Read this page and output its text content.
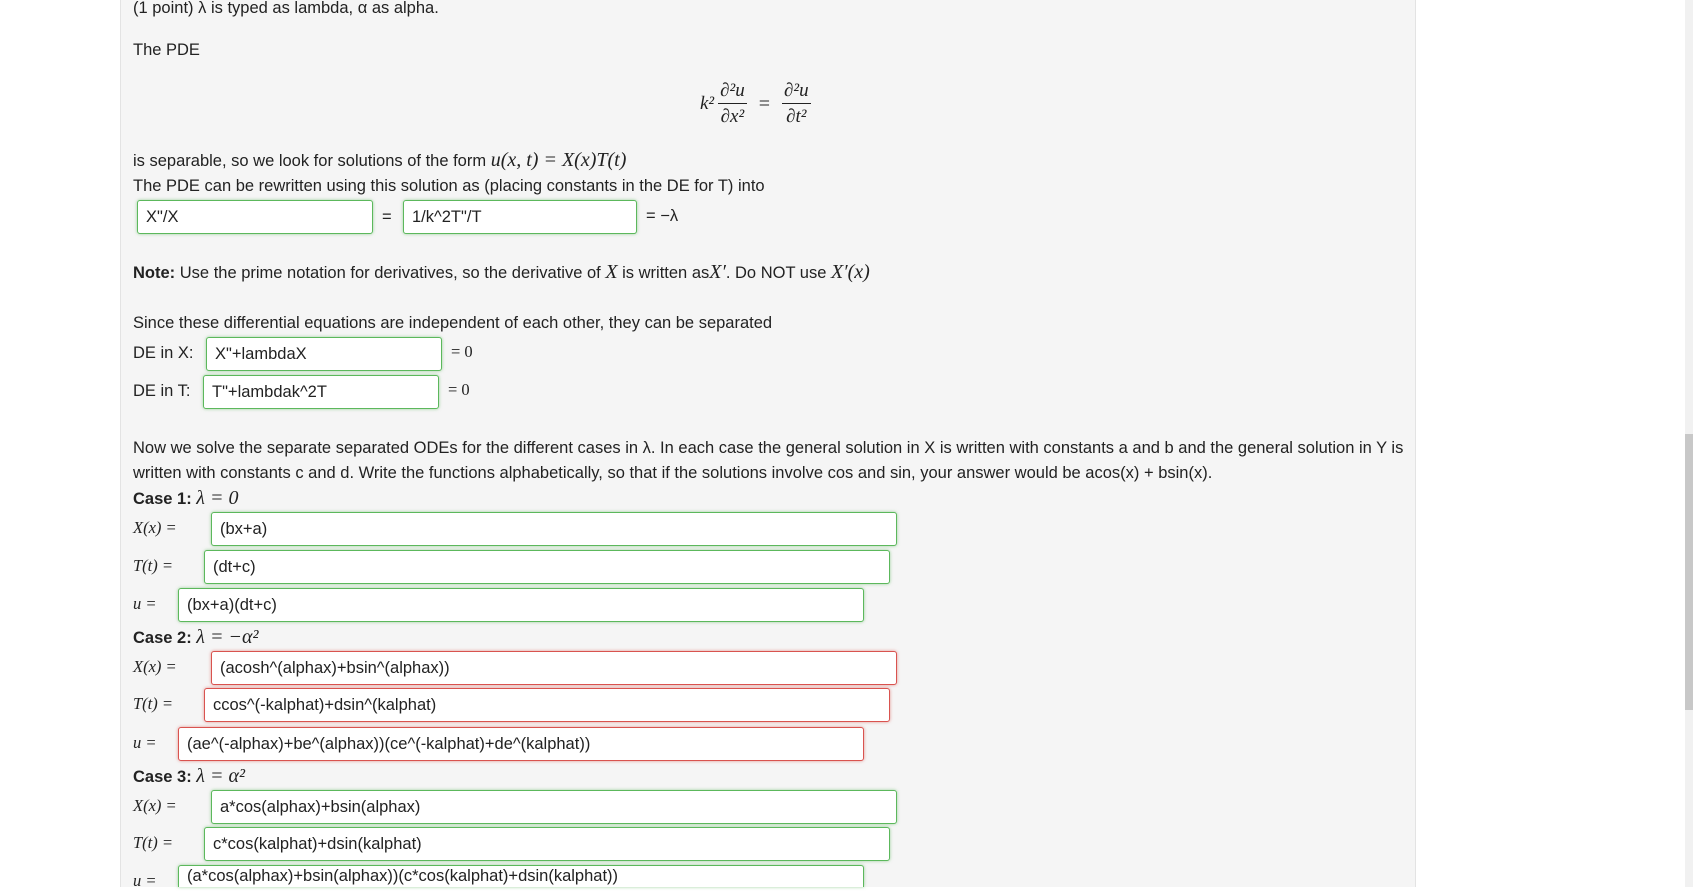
(1 point) λ is typed as lambda, α as alpha.
The PDE
$k^2 \frac{\text{∂²u}}{\text{∂x²}} = \frac{\text{∂²u}}{\text{∂t²}}$
is separable, so we look for solutions of the form u(x, t) = X(x)T(t)
The PDE can be rewritten using this solution as (placing constants in the DE for T) into
X"/X
=
1/k^2T"/T	= −λ
Note: Use the prime notation for derivatives, so the derivative of X is written asX′. Do NOT use X′(x)
Since these differential equations are independent of each other, they can be separated
DE in X:
X"+lambdaX	= 0
DE in T:
T"+lambdak^2T	= 0
Now we solve the separate separated ODEs for the different cases in λ. In each case the general solution in X is written with constants a and b and the general solution in Y is written with constants c and d. Write the functions alphabetically, so that if the solutions involve cos and sin, your answer would be acos(x) + bsin(x).
Case 1: λ = 0
X(x) =
(bx+a)
T(t) =
(dt+c)
u =
(bx+a)(dt+c)
Case 2: λ = −α²
X(x) =
(acosh^(alphax)+bsin^(alphax))
T(t) =
ccos^(-kalphat)+dsin^(kalphat)
u =
(ae^(-alphax)+be^(alphax))(ce^(-kalphat)+de^(kalphat))
Case 3: λ = α²
X(x) =
a*cos(alphax)+bsin(alphax)
T(t) =
c*cos(kalphat)+dsin(kalphat)
u =
(a*cos(alphax)+bsin(alphax))(c*cos(kalphat)+dsin(kalphat))
